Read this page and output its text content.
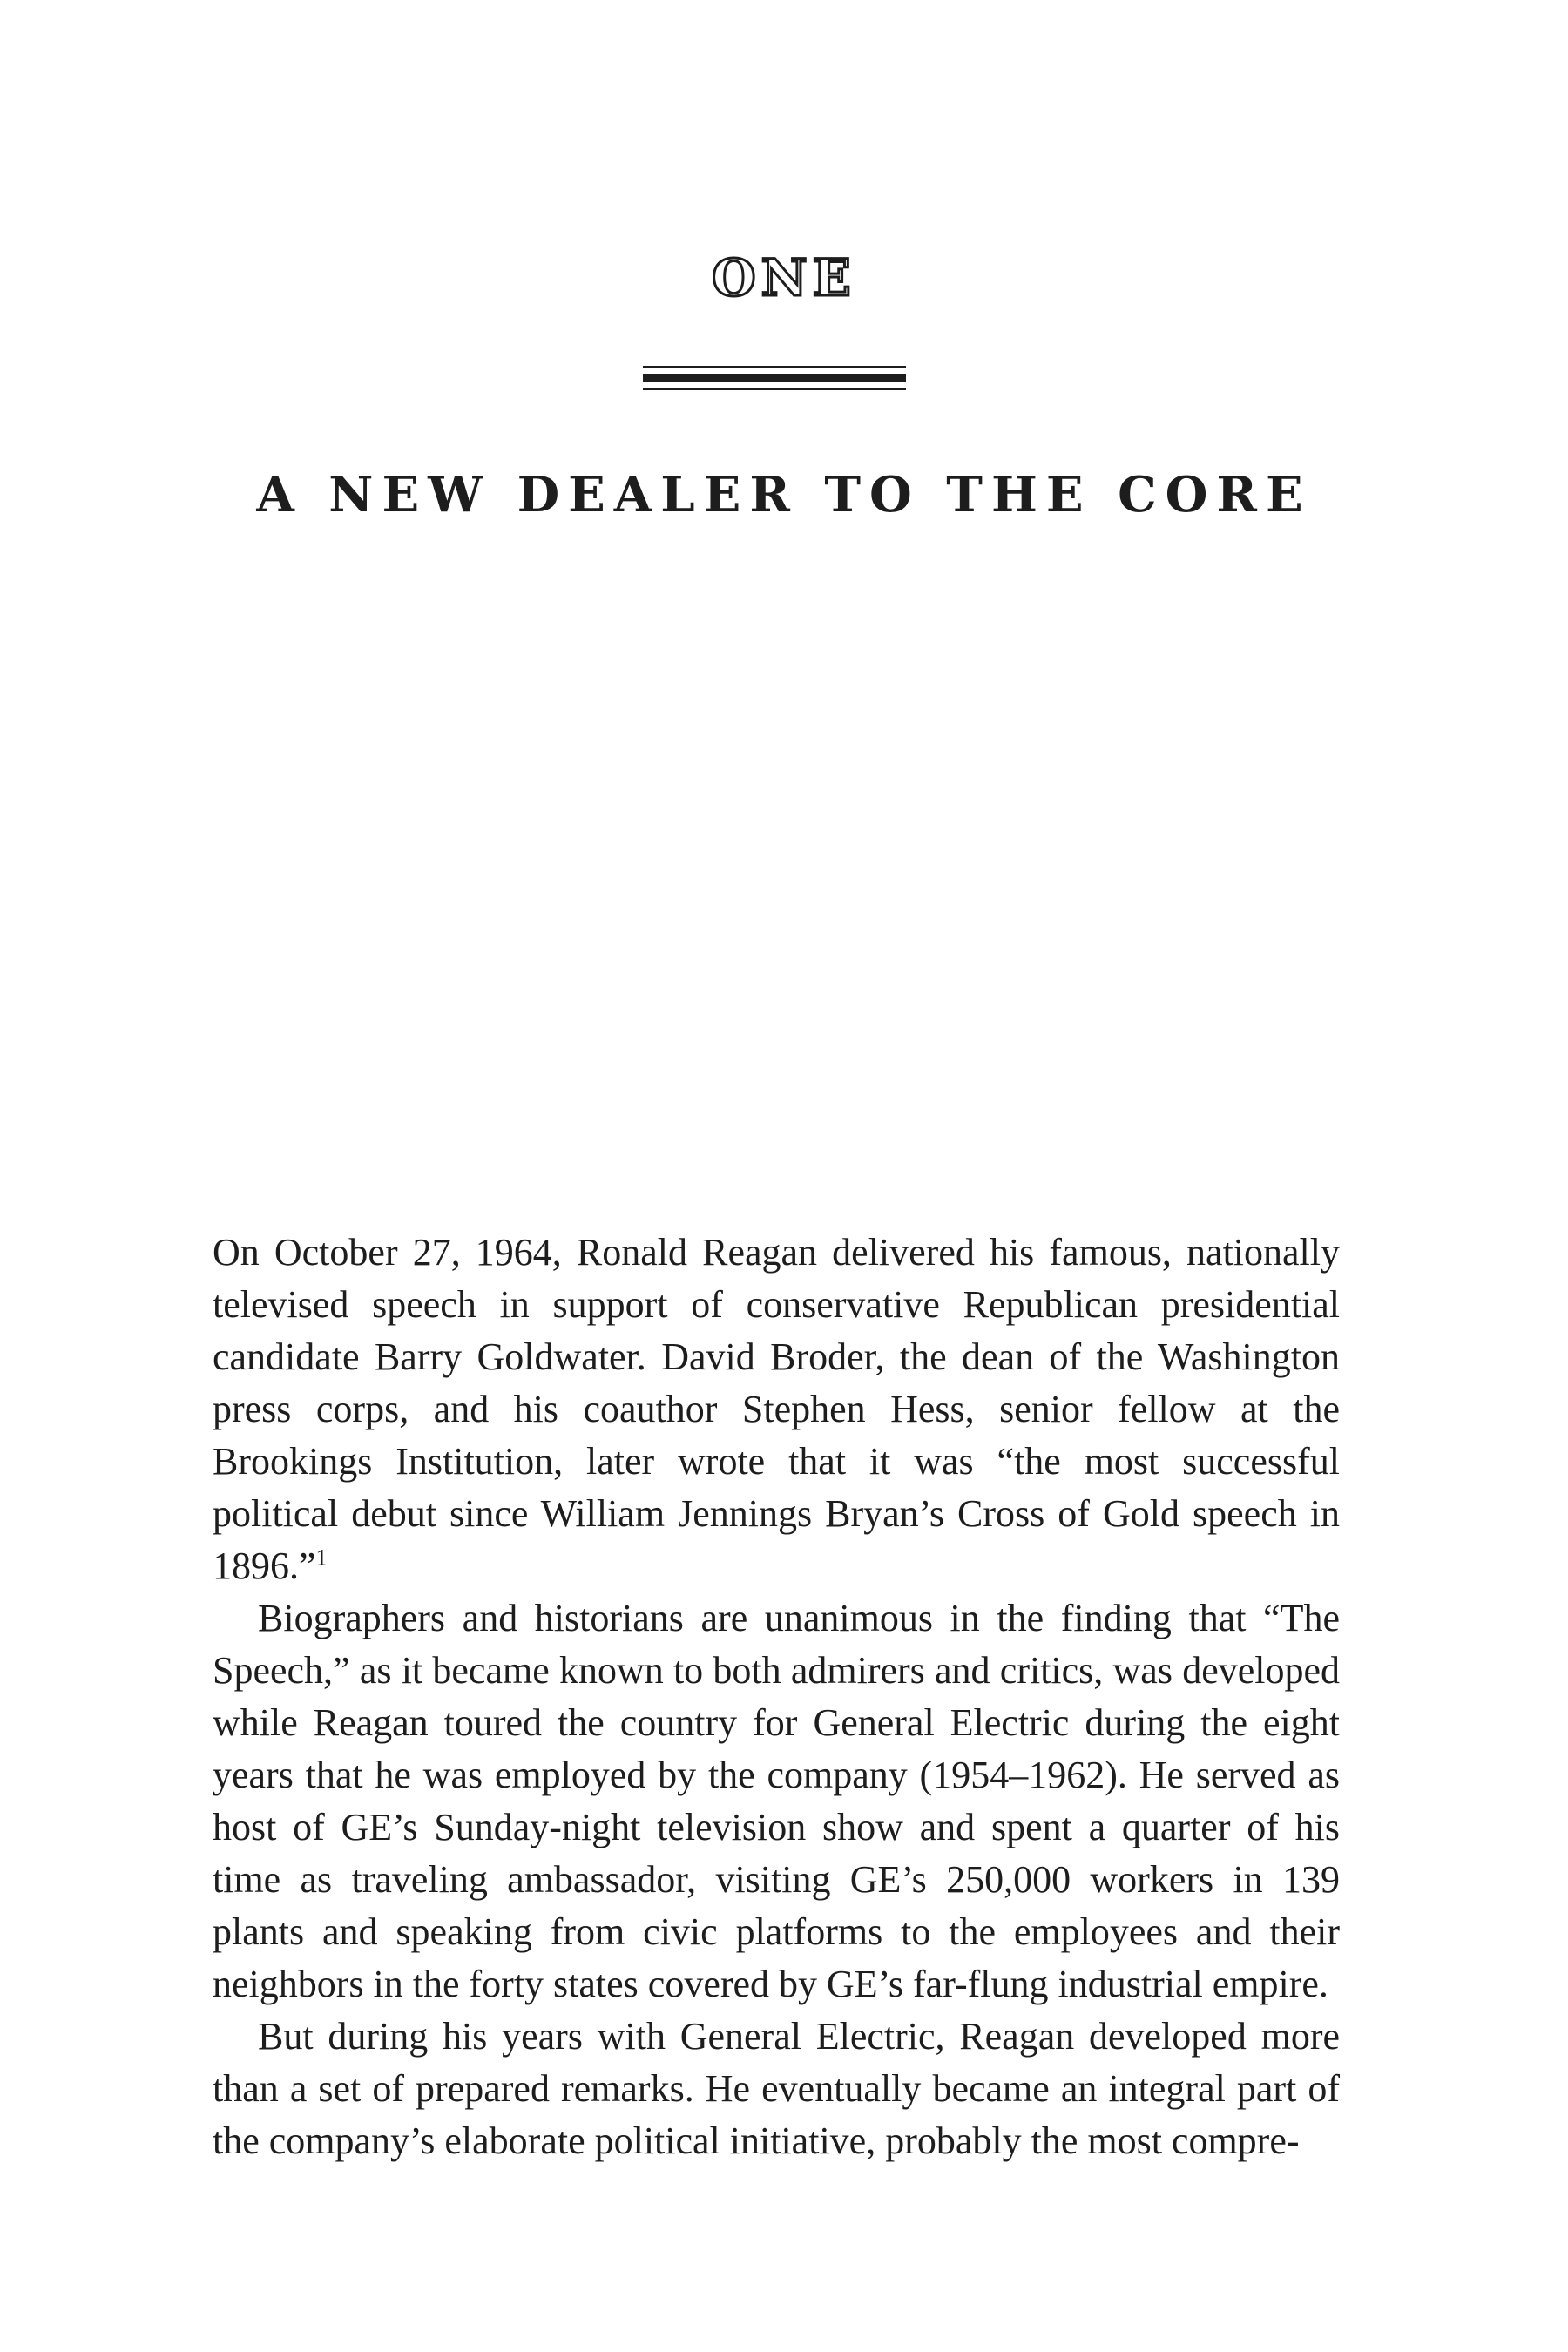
ONE
A NEW DEALER TO THE CORE

On October 27, 1964, Ronald Reagan delivered his famous, nationally televised speech in support of conservative Republican presidential candidate Barry Goldwater. David Broder, the dean of the Washington press corps, and his coauthor Stephen Hess, senior fellow at the Brookings Institution, later wrote that it was “the most successful political debut since William Jennings Bryan’s Cross of Gold speech in 1896.”$^1$

Biographers and historians are unanimous in the finding that “The Speech,” as it became known to both admirers and critics, was developed while Reagan toured the country for General Electric during the eight years that he was employed by the company (1954–1962). He served as host of GE’s Sunday-night television show and spent a quarter of his time as traveling ambassador, visiting GE’s 250,000 workers in 139 plants and speaking from civic platforms to the employees and their neighbors in the forty states covered by GE’s far-flung industrial empire.

But during his years with General Electric, Reagan developed more than a set of prepared remarks. He eventually became an integral part of the company’s elaborate political initiative, probably the most compre-
